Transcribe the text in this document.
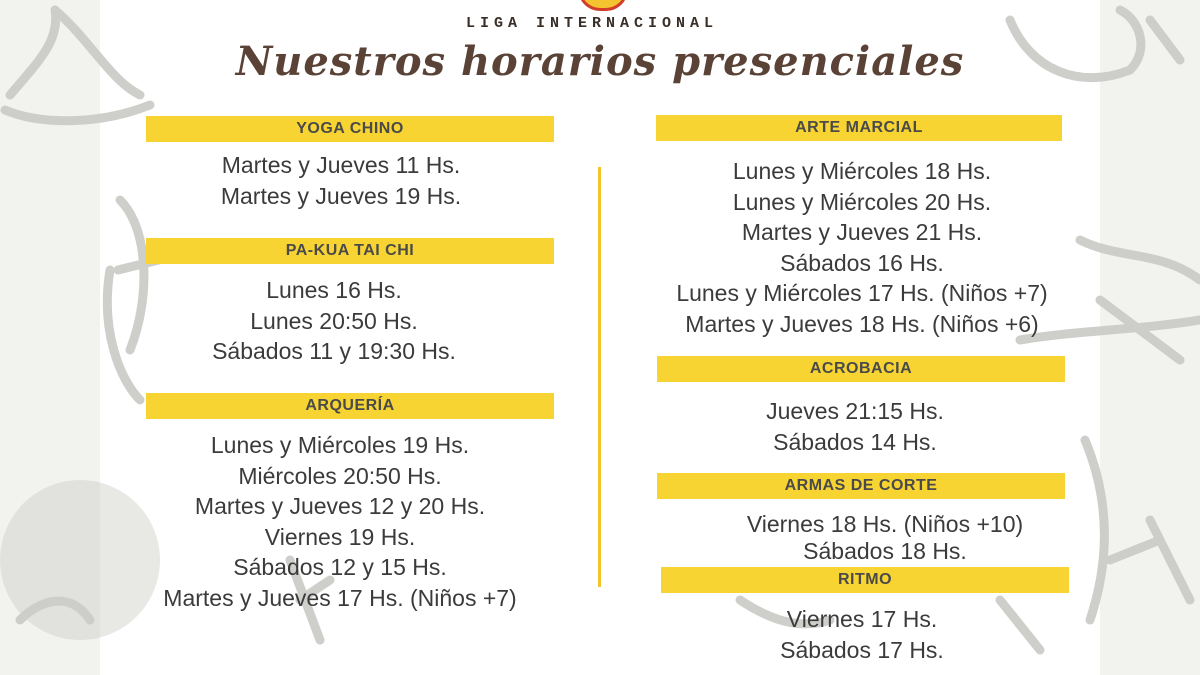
LIGA INTERNACIONAL
Nuestros horarios presenciales
YOGA CHINO
Martes y Jueves 11 Hs.
Martes y Jueves 19 Hs.
PA-KUA TAI CHI
Lunes 16 Hs.
Lunes 20:50 Hs.
Sábados 11 y 19:30 Hs.
ARQUERÍA
Lunes y Miércoles 19 Hs.
Miércoles 20:50 Hs.
Martes y Jueves 12 y 20 Hs.
Viernes 19 Hs.
Sábados 12 y 15 Hs.
Martes y Jueves 17 Hs. (Niños +7)
ARTE MARCIAL
Lunes y Miércoles 18 Hs.
Lunes y Miércoles 20 Hs.
Martes y Jueves 21 Hs.
Sábados 16 Hs.
Lunes y Miércoles 17 Hs. (Niños +7)
Martes y Jueves 18 Hs. (Niños +6)
ACROBACIA
Jueves 21:15 Hs.
Sábados 14 Hs.
ARMAS DE CORTE
Viernes 18 Hs. (Niños +10)
Sábados 18 Hs.
RITMO
Viernes 17 Hs.
Sábados 17 Hs.
